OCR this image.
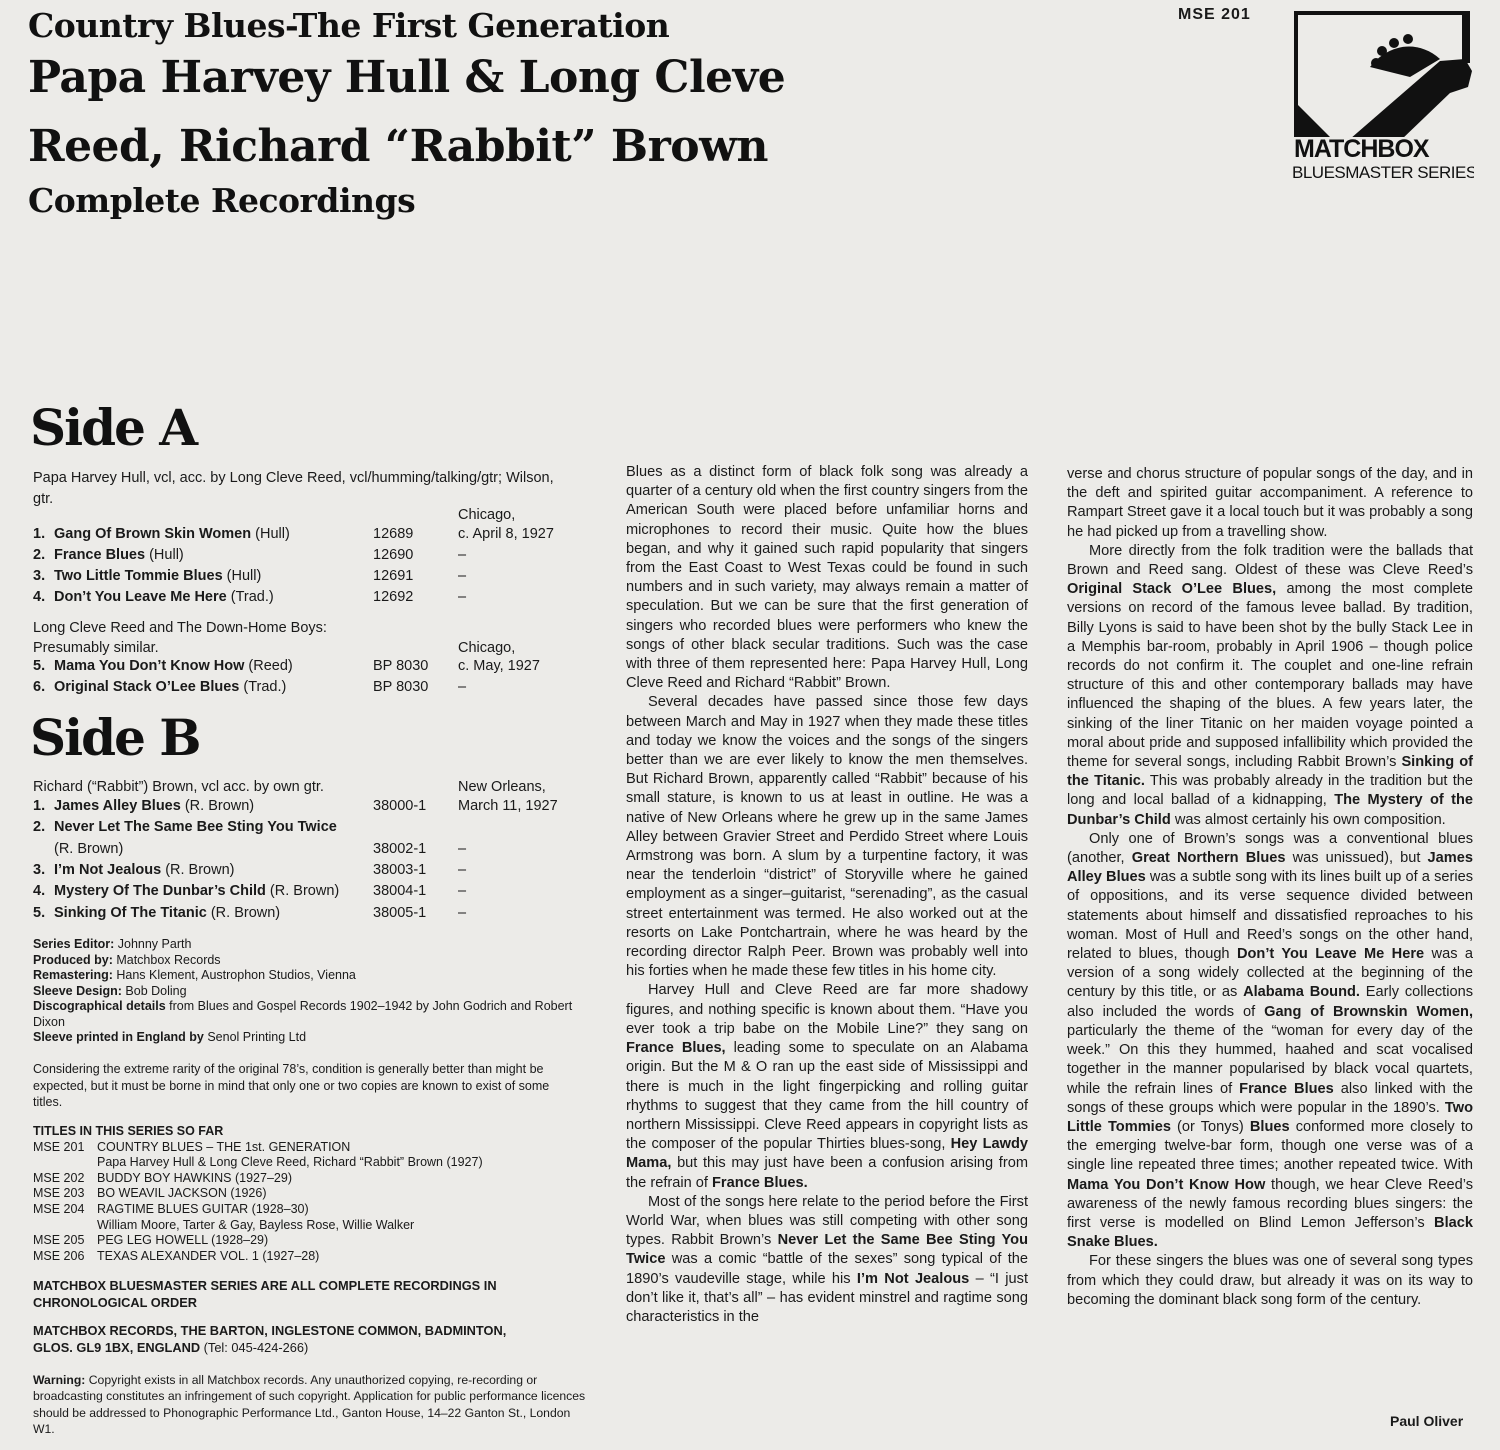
Country Blues-The First Generation
Papa Harvey Hull & Long Cleve
Reed, Richard “Rabbit” Brown
Complete Recordings
MSE 201
MATCHBOX
BLUESMASTER SERIES
Side A
Papa Harvey Hull, vcl, acc. by Long Cleve Reed, vcl/humming/talking/gtr; Wilson, gtr.
Chicago,
1. Gang Of Brown Skin Women (Hull)	12689	c. April 8, 1927
2. France Blues (Hull)	12690	–
3. Two Little Tommie Blues (Hull)	12691	–
4. Don’t You Leave Me Here (Trad.)	12692	–
Long Cleve Reed and The Down-Home Boys:
Presumably similar.	Chicago,
5. Mama You Don’t Know How (Reed)	BP 8030 c. May, 1927
6. Original Stack O’Lee Blues (Trad.)	BP 8030 –
Side B
Richard (“Rabbit”) Brown, vcl acc. by own gtr.	New Orleans,
1. James Alley Blues (R. Brown)	38000-1 March 11, 1927
2. Never Let The Same Bee Sting You Twice
(R. Brown)	38002-1 –
3. I’m Not Jealous (R. Brown)	38003-1 –
4. Mystery Of The Dunbar’s Child (R. Brown) 38004-1 –
5. Sinking Of The Titanic (R. Brown)	38005-1 –
Series Editor: Johnny Parth
Produced by: Matchbox Records
Remastering: Hans Klement, Austrophon Studios, Vienna
Sleeve Design: Bob Doling
Discographical details from Blues and Gospel Records 1902–1942 by John Godrich and Robert Dixon
Sleeve printed in England by Senol Printing Ltd
Considering the extreme rarity of the original 78’s, condition is generally better than might be expected, but it must be borne in mind that only one or two copies are known to exist of some titles.
TITLES IN THIS SERIES SO FAR
MSE 201	COUNTRY BLUES – THE 1st. GENERATION
Papa Harvey Hull & Long Cleve Reed, Richard “Rabbit” Brown (1927)
MSE 202	BUDDY BOY HAWKINS (1927–29)
MSE 203	BO WEAVIL JACKSON (1926)
MSE 204	RAGTIME BLUES GUITAR (1928–30)
William Moore, Tarter & Gay, Bayless Rose, Willie Walker
MSE 205	PEG LEG HOWELL (1928–29)
MSE 206	TEXAS ALEXANDER VOL. 1 (1927–28)
MATCHBOX BLUESMASTER SERIES ARE ALL COMPLETE RECORDINGS IN CHRONOLOGICAL ORDER
MATCHBOX RECORDS, THE BARTON, INGLESTONE COMMON, BADMINTON,
GLOS. GL9 1BX, ENGLAND (Tel: 045-424-266)
Warning: Copyright exists in all Matchbox records. Any unauthorized copying, re-recording or broadcasting constitutes an infringement of such copyright. Application for public performance licences should be addressed to Phonographic Performance Ltd., Ganton House, 14–22 Ganton St., London W1.

Blues as a distinct form of black folk song was already a quarter of a century old when the first country singers from the American South were placed before unfamiliar horns and microphones to record their music. Quite how the blues began, and why it gained such rapid popularity that singers from the East Coast to West Texas could be found in such numbers and in such variety, may always remain a matter of speculation. But we can be sure that the first generation of singers who recorded blues were performers who knew the songs of other black secular traditions. Such was the case with three of them represented here: Papa Harvey Hull, Long Cleve Reed and Richard “Rabbit” Brown.

Several decades have passed since those few days between March and May in 1927 when they made these titles and today we know the voices and the songs of the singers better than we are ever likely to know the men themselves. But Richard Brown, apparently called “Rabbit” because of his small stature, is known to us at least in outline. He was a native of New Orleans where he grew up in the same James Alley between Gravier Street and Perdido Street where Louis Armstrong was born. A slum by a turpentine factory, it was near the tenderloin “district” of Storyville where he gained employment as a singer–guitarist, “serenading”, as the casual street entertainment was termed. He also worked out at the resorts on Lake Pontchartrain, where he was heard by the recording director Ralph Peer. Brown was probably well into his forties when he made these few titles in his home city.

Harvey Hull and Cleve Reed are far more shadowy figures, and nothing specific is known about them. “Have you ever took a trip babe on the Mobile Line?” they sang on France Blues, leading some to speculate on an Alabama origin. But the M & O ran up the east side of Mississippi and there is much in the light fingerpicking and rolling guitar rhythms to suggest that they came from the hill country of northern Mississippi. Cleve Reed appears in copyright lists as the composer of the popular Thirties blues-song, Hey Lawdy Mama, but this may just have been a confusion arising from the refrain of France Blues.

Most of the songs here relate to the period before the First World War, when blues was still competing with other song types. Rabbit Brown’s Never Let the Same Bee Sting You Twice was a comic “battle of the sexes” song typical of the 1890’s vaudeville stage, while his I’m Not Jealous – “I just don’t like it, that’s all” – has evident minstrel and ragtime song characteristics in the

verse and chorus structure of popular songs of the day, and in the deft and spirited guitar accompaniment. A reference to Rampart Street gave it a local touch but it was probably a song he had picked up from a travelling show.

More directly from the folk tradition were the ballads that Brown and Reed sang. Oldest of these was Cleve Reed’s Original Stack O’Lee Blues, among the most complete versions on record of the famous levee ballad. By tradition, Billy Lyons is said to have been shot by the bully Stack Lee in a Memphis bar-room, probably in April 1906 – though police records do not confirm it. The couplet and one-line refrain structure of this and other contemporary ballads may have influenced the shaping of the blues. A few years later, the sinking of the liner Titanic on her maiden voyage pointed a moral about pride and supposed infallibility which provided the theme for several songs, including Rabbit Brown’s Sinking of the Titanic. This was probably already in the tradition but the long and local ballad of a kidnapping, The Mystery of the Dunbar’s Child was almost certainly his own composition.

Only one of Brown’s songs was a conventional blues (another, Great Northern Blues was unissued), but James Alley Blues was a subtle song with its lines built up of a series of oppositions, and its verse sequence divided between statements about himself and dissatisfied reproaches to his woman. Most of Hull and Reed’s songs on the other hand, related to blues, though Don’t You Leave Me Here was a version of a song widely collected at the beginning of the century by this title, or as Alabama Bound. Early collections also included the words of Gang of Brownskin Women, particularly the theme of the “woman for every day of the week.” On this they hummed, haahed and scat vocalised together in the manner popularised by black vocal quartets, while the refrain lines of France Blues also linked with the songs of these groups which were popular in the 1890’s. Two Little Tommies (or Tonys) Blues conformed more closely to the emerging twelve-bar form, though one verse was of a single line repeated three times; another repeated twice. With Mama You Don’t Know How though, we hear Cleve Reed’s awareness of the newly famous recording blues singers: the first verse is modelled on Blind Lemon Jefferson’s Black Snake Blues.

For these singers the blues was one of several song types from which they could draw, but already it was on its way to becoming the dominant black song form of the century.

Paul Oliver
